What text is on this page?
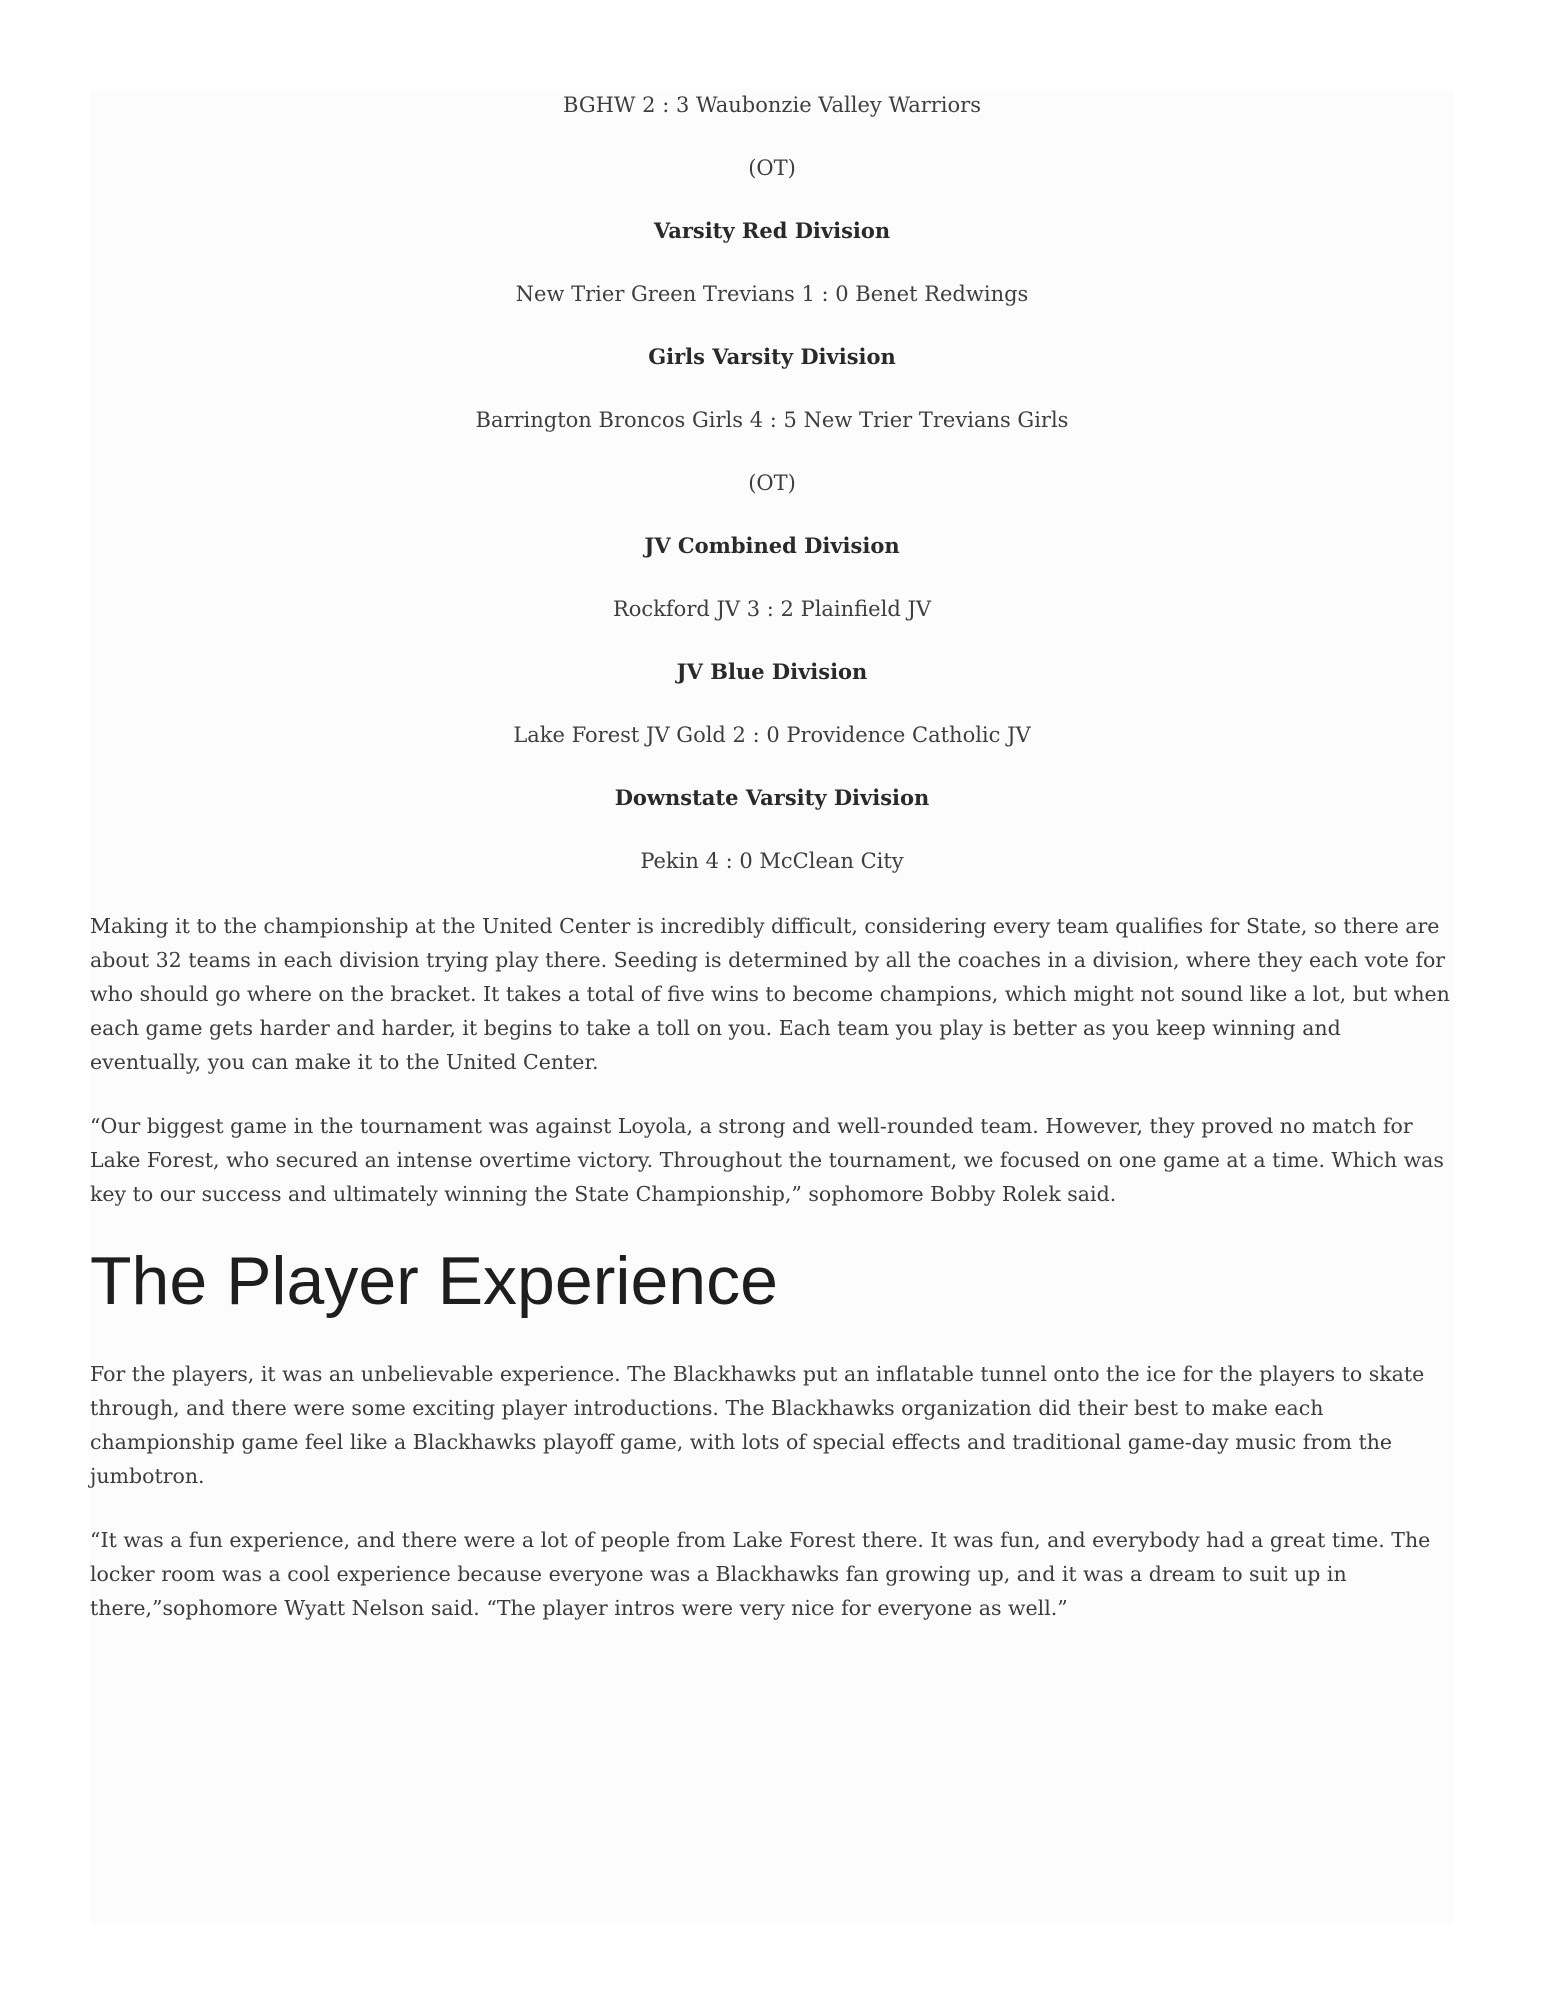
BGHW 2 : 3 Waubonzie Valley Warriors

(OT)

Varsity Red Division

New Trier Green Trevians 1 : 0 Benet Redwings

Girls Varsity Division

Barrington Broncos Girls 4 : 5 New Trier Trevians Girls

(OT)

JV Combined Division

Rockford JV 3 : 2 Plainfield JV

JV Blue Division

Lake Forest JV Gold 2 : 0 Providence Catholic JV

Downstate Varsity Division

Pekin 4 : 0 McClean City

Making it to the championship at the United Center is incredibly difficult, considering every team qualifies for State, so there are about 32 teams in each division trying play there. Seeding is determined by all the coaches in a division, where they each vote for who should go where on the bracket. It takes a total of five wins to become champions, which might not sound like a lot, but when each game gets harder and harder, it begins to take a toll on you. Each team you play is better as you keep winning and eventually, you can make it to the United Center.

“Our biggest game in the tournament was against Loyola, a strong and well-rounded team. However, they proved no match for Lake Forest, who secured an intense overtime victory. Throughout the tournament, we focused on one game at a time. Which was key to our success and ultimately winning the State Championship,” sophomore Bobby Rolek said.

The Player Experience

For the players, it was an unbelievable experience. The Blackhawks put an inflatable tunnel onto the ice for the players to skate through, and there were some exciting player introductions. The Blackhawks organization did their best to make each championship game feel like a Blackhawks playoff game, with lots of special effects and traditional game-day music from the jumbotron.

“It was a fun experience, and there were a lot of people from Lake Forest there. It was fun, and everybody had a great time. The locker room was a cool experience because everyone was a Blackhawks fan growing up, and it was a dream to suit up in there,”sophomore Wyatt Nelson said. “The player intros were very nice for everyone as well.”
